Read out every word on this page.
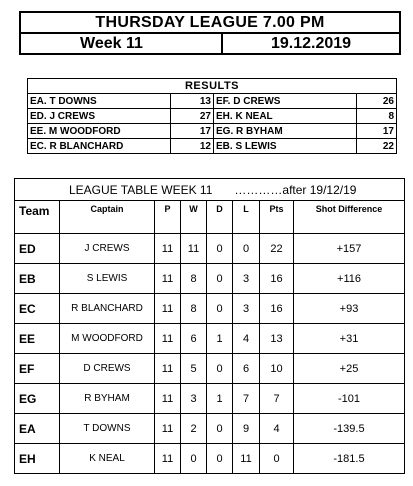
THURSDAY LEAGUE 7.00 PM
Week 11	19.12.2019
RESULTS			
EA. T DOWNS	13	EF. D CREWS	26
ED. J CREWS	27	EH. K NEAL	8
EE. M WOODFORD	17	EG. R BYHAM	17
EC. R BLANCHARD	12	EB. S LEWIS	22
LEAGUE TABLE WEEK 11 …………after 19/12/19							
Team	Captain	P	W	D	L	Pts	Shot Difference
ED	J CREWS	11	11	0	0	22	+157
EB	S LEWIS	11	8	0	3	16	+116
EC	R BLANCHARD	11	8	0	3	16	+93
EE	M WOODFORD	11	6	1	4	13	+31
EF	D CREWS	11	5	0	6	10	+25
EG	R BYHAM	11	3	1	7	7	-101
EA	T DOWNS	11	2	0	9	4	-139.5
EH	K NEAL	11	0	0	11	0	-181.5
